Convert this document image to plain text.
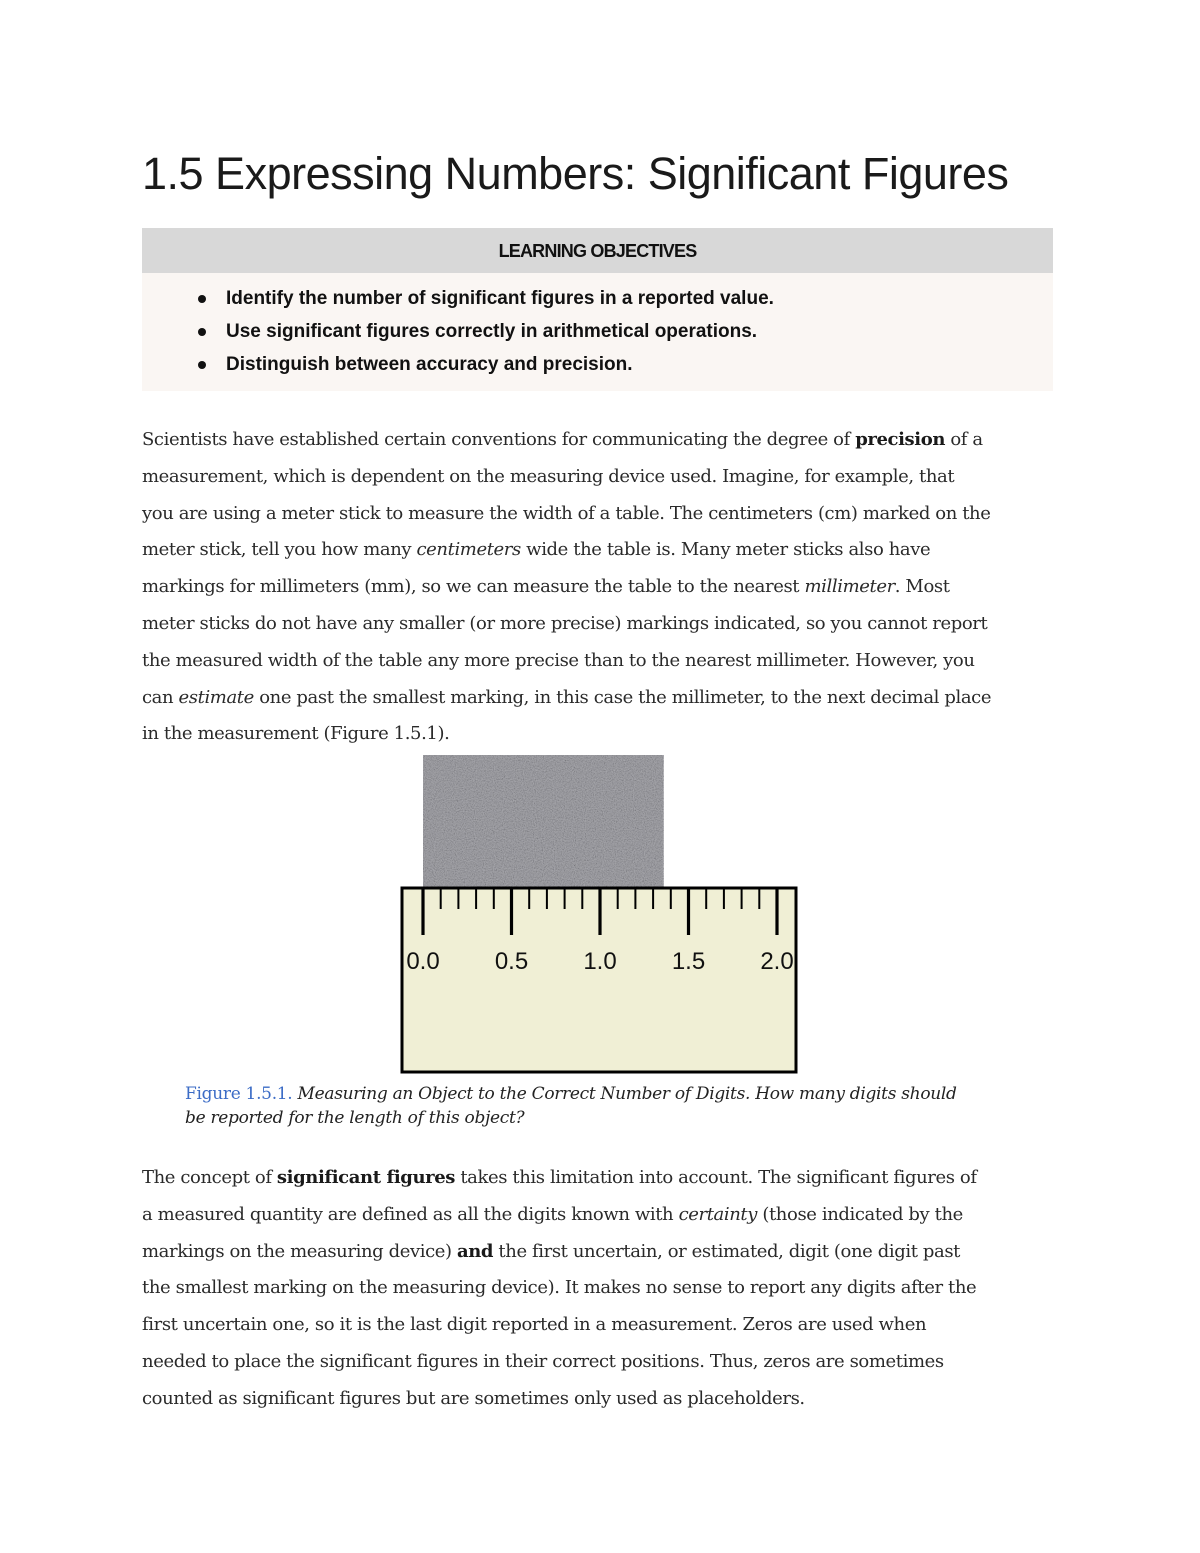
1.5 Expressing Numbers: Significant Figures
LEARNING OBJECTIVES
Identify the number of significant figures in a reported value.
Use significant figures correctly in arithmetical operations.
Distinguish between accuracy and precision.
Scientists have established certain conventions for communicating the degree of precision of a
measurement, which is dependent on the measuring device used. Imagine, for example, that
you are using a meter stick to measure the width of a table. The centimeters (cm) marked on the
meter stick, tell you how many centimeters wide the table is. Many meter sticks also have
markings for millimeters (mm), so we can measure the table to the nearest millimeter. Most
meter sticks do not have any smaller (or more precise) markings indicated, so you cannot report
the measured width of the table any more precise than to the nearest millimeter. However, you
can estimate one past the smallest marking, in this case the millimeter, to the next decimal place
in the measurement (Figure 1.5.1).
0.0 0.5 1.0 1.5 2.0

Figure 1.5.1. Measuring an Object to the Correct Number of Digits. How many digits should
be reported for the length of this object?

The concept of significant figures takes this limitation into account. The significant figures of
a measured quantity are defined as all the digits known with certainty (those indicated by the
markings on the measuring device) and the first uncertain, or estimated, digit (one digit past
the smallest marking on the measuring device). It makes no sense to report any digits after the
first uncertain one, so it is the last digit reported in a measurement. Zeros are used when
needed to place the significant figures in their correct positions. Thus, zeros are sometimes
counted as significant figures but are sometimes only used as placeholders.
